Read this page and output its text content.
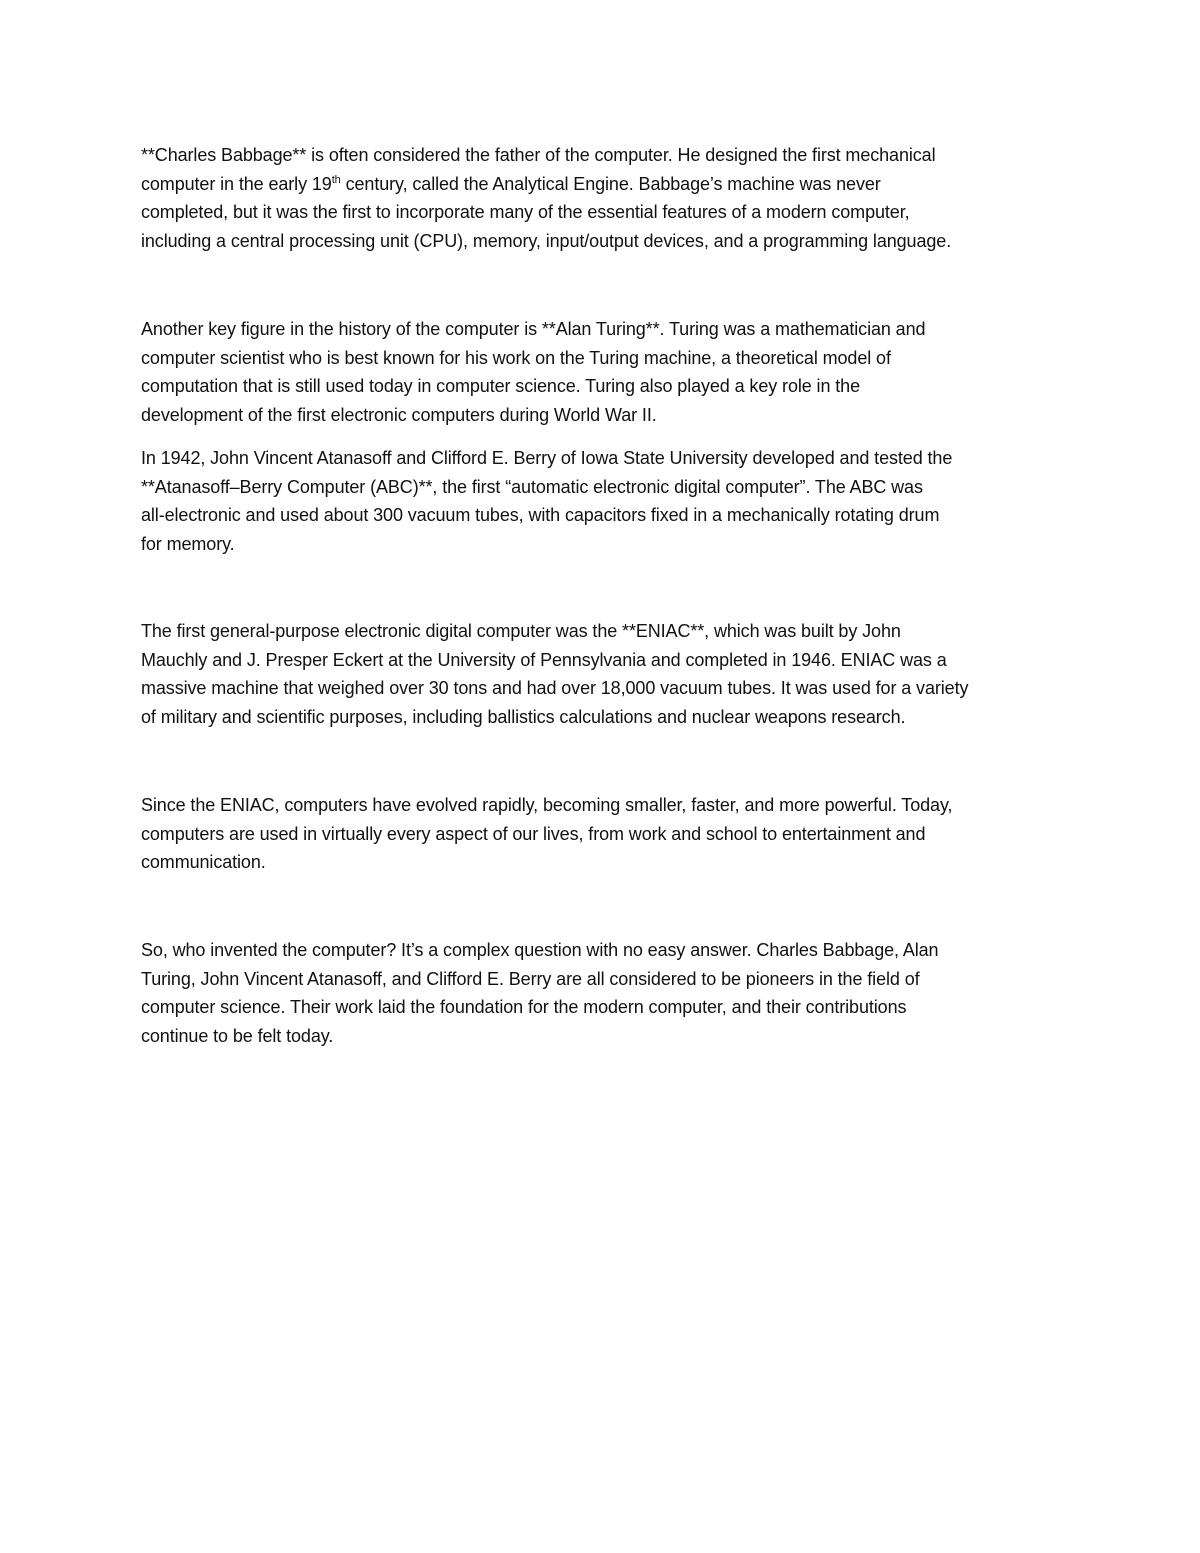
**Charles Babbage** is often considered the father of the computer. He designed the first mechanical
computer in the early 19th century, called the Analytical Engine. Babbage’s machine was never
completed, but it was the first to incorporate many of the essential features of a modern computer,
including a central processing unit (CPU), memory, input/output devices, and a programming language.

Another key figure in the history of the computer is **Alan Turing**. Turing was a mathematician and
computer scientist who is best known for his work on the Turing machine, a theoretical model of
computation that is still used today in computer science. Turing also played a key role in the
development of the first electronic computers during World War II.

In 1942, John Vincent Atanasoff and Clifford E. Berry of Iowa State University developed and tested the
**Atanasoff–Berry Computer (ABC)**, the first “automatic electronic digital computer”. The ABC was
all-electronic and used about 300 vacuum tubes, with capacitors fixed in a mechanically rotating drum
for memory.

The first general-purpose electronic digital computer was the **ENIAC**, which was built by John
Mauchly and J. Presper Eckert at the University of Pennsylvania and completed in 1946. ENIAC was a
massive machine that weighed over 30 tons and had over 18,000 vacuum tubes. It was used for a variety
of military and scientific purposes, including ballistics calculations and nuclear weapons research.

Since the ENIAC, computers have evolved rapidly, becoming smaller, faster, and more powerful. Today,
computers are used in virtually every aspect of our lives, from work and school to entertainment and
communication.

So, who invented the computer? It’s a complex question with no easy answer. Charles Babbage, Alan
Turing, John Vincent Atanasoff, and Clifford E. Berry are all considered to be pioneers in the field of
computer science. Their work laid the foundation for the modern computer, and their contributions
continue to be felt today.
